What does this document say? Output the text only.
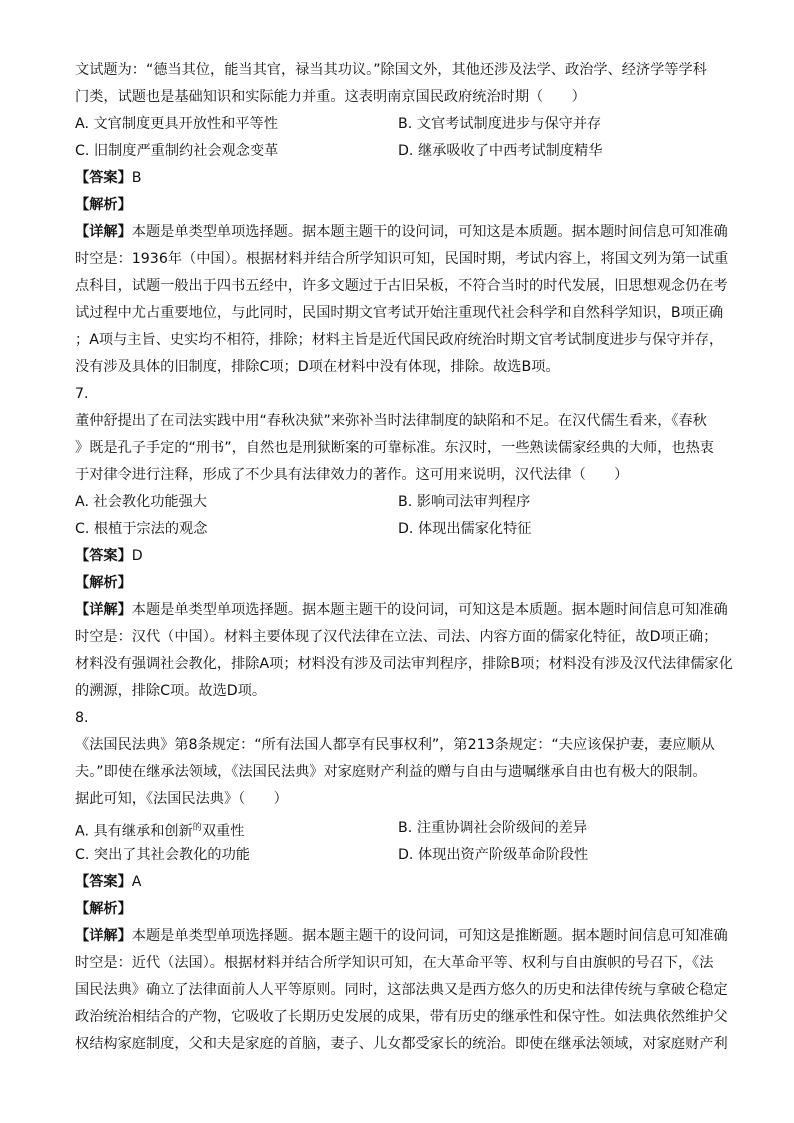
文试题为：“德当其位，能当其官，禄当其功议。”除国文外，其他还涉及法学、政治学、经济学等学科
门类，试题也是基础知识和实际能力并重。这表明南京国民政府统治时期（　　）
A. 文官制度更具开放性和平等性	B. 文官考试制度进步与保守并存
C. 旧制度严重制约社会观念变革	D. 继承吸收了中西考试制度精华
【答案】B
【解析】
【详解】本题是单类型单项选择题。据本题主题干的设问词，可知这是本质题。据本题时间信息可知准确
时空是：1936年（中国）。根据材料并结合所学知识可知，民国时期，考试内容上，将国文列为第一试重
点科目，试题一般出于四书五经中，许多文题过于古旧呆板，不符合当时的时代发展，旧思想观念仍在考
试过程中尤占重要地位，与此同时，民国时期文官考试开始注重现代社会科学和自然科学知识，B项正确
；A项与主旨、史实均不相符，排除；材料主旨是近代国民政府统治时期文官考试制度进步与保守并存，
没有涉及具体的旧制度，排除C项；D项在材料中没有体现，排除。故选B项。
7.
董仲舒提出了在司法实践中用“春秋决狱”来弥补当时法律制度的缺陷和不足。在汉代儒生看来，《春秋
》既是孔子手定的“刑书”，自然也是刑狱断案的可靠标准。东汉时，一些熟读儒家经典的大师，也热衷
于对律令进行注释，形成了不少具有法律效力的著作。这可用来说明，汉代法律（　　）
A. 社会教化功能强大	B. 影响司法审判程序
C. 根植于宗法的观念	D. 体现出儒家化特征
【答案】D
【解析】
【详解】本题是单类型单项选择题。据本题主题干的设问词，可知这是本质题。据本题时间信息可知准确
时空是：汉代（中国）。材料主要体现了汉代法律在立法、司法、内容方面的儒家化特征，故D项正确；
材料没有强调社会教化，排除A项；材料没有涉及司法审判程序，排除B项；材料没有涉及汉代法律儒家化
的溯源，排除C项。故选D项。
8.
《法国民法典》第8条规定：“所有法国人都享有民事权利”，第213条规定：“夫应该保护妻，妻应顺从
夫。”即使在继承法领域，《法国民法典》对家庭财产利益的赠与自由与遗嘱继承自由也有极大的限制。
据此可知，《法国民法典》（　　）
A. 具有继承和创新$^的$双重性	B. 注重协调社会阶级间的差异
C. 突出了其社会教化的功能	D. 体现出资产阶级革命阶段性
【答案】A
【解析】
【详解】本题是单类型单项选择题。据本题主题干的设问词，可知这是推断题。据本题时间信息可知准确
时空是：近代（法国）。根据材料并结合所学知识可知，在大革命平等、权利与自由旗帜的号召下，《法
国民法典》确立了法律面前人人平等原则。同时，这部法典又是西方悠久的历史和法律传统与拿破仑稳定
政治统治相结合的产物，它吸收了长期历史发展的成果，带有历史的继承性和保守性。如法典依然维护父
权结构家庭制度，父和夫是家庭的首脑，妻子、儿女都受家长的统治。即使在继承法领域，对家庭财产利
